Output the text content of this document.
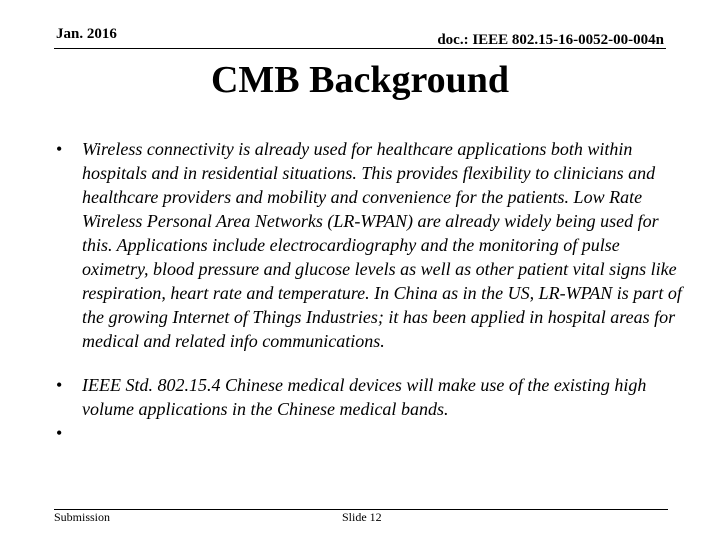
Jan. 2016	doc.: IEEE 802.15-16-0052-00-004n
CMB Background
• Wireless connectivity is already used for healthcare applications both within hospitals and in residential situations. This provides flexibility to clinicians and healthcare providers and mobility and convenience for the patients. Low Rate Wireless Personal Area Networks (LR-WPAN) are already widely being used for this. Applications include electrocardiography and the monitoring of pulse oximetry, blood pressure and glucose levels as well as other patient vital signs like respiration, heart rate and temperature. In China as in the US, LR-WPAN is part of the growing Internet of Things Industries; it has been applied in hospital areas for medical and related info communications.
• IEEE Std. 802.15.4 Chinese medical devices will make use of the existing high volume applications in the Chinese medical bands.
•
Submission	Slide 12
